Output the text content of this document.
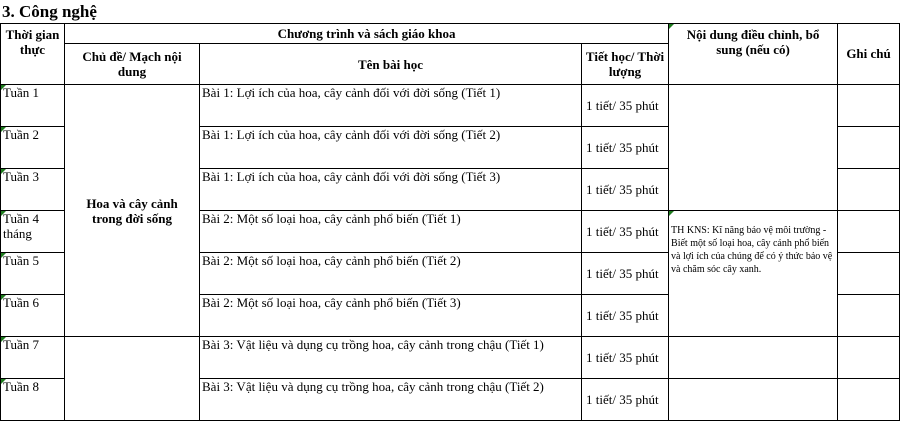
3. Công nghệ
Thời gian thực	Chương trình và sách giáo khoa			Nội dung điều chỉnh, bổ sung (nếu có)	Ghi chú

	Chủ đề/ Mạch nội dung	Tên bài học	Tiết học/ Thời lượng		
Tuần 1	Hoa và cây cảnh trong đời sống	Bài 1: Lợi ích của hoa, cây cảnh đối với đời sống (Tiết 1)	1 tiết/ 35 phút		
Tuần 2		Bài 1: Lợi ích của hoa, cây cảnh đối với đời sống (Tiết 2)	1 tiết/ 35 phút		
Tuần 3		Bài 1: Lợi ích của hoa, cây cảnh đối với đời sống (Tiết 3)	1 tiết/ 35 phút		
Tuần 4 tháng		Bài 2: Một số loại hoa, cây cảnh phổ biến (Tiết 1)	1 tiết/ 35 phút	TH KNS: Kĩ năng bảo vệ môi trường - Biết một số loại hoa, cây cảnh phổ biến và lợi ích của chúng để có ý thức bảo vệ và chăm sóc cây xanh.	
Tuần 5		Bài 2: Một số loại hoa, cây cảnh phổ biến (Tiết 2)	1 tiết/ 35 phút		
Tuần 6		Bài 2: Một số loại hoa, cây cảnh phổ biến (Tiết 3)	1 tiết/ 35 phút		
Tuần 7		Bài 3: Vật liệu và dụng cụ trồng hoa, cây cảnh trong chậu (Tiết 1)	1 tiết/ 35 phút		
Tuần 8		Bài 3: Vật liệu và dụng cụ trồng hoa, cây cảnh trong chậu (Tiết 2)	1 tiết/ 35 phút		
